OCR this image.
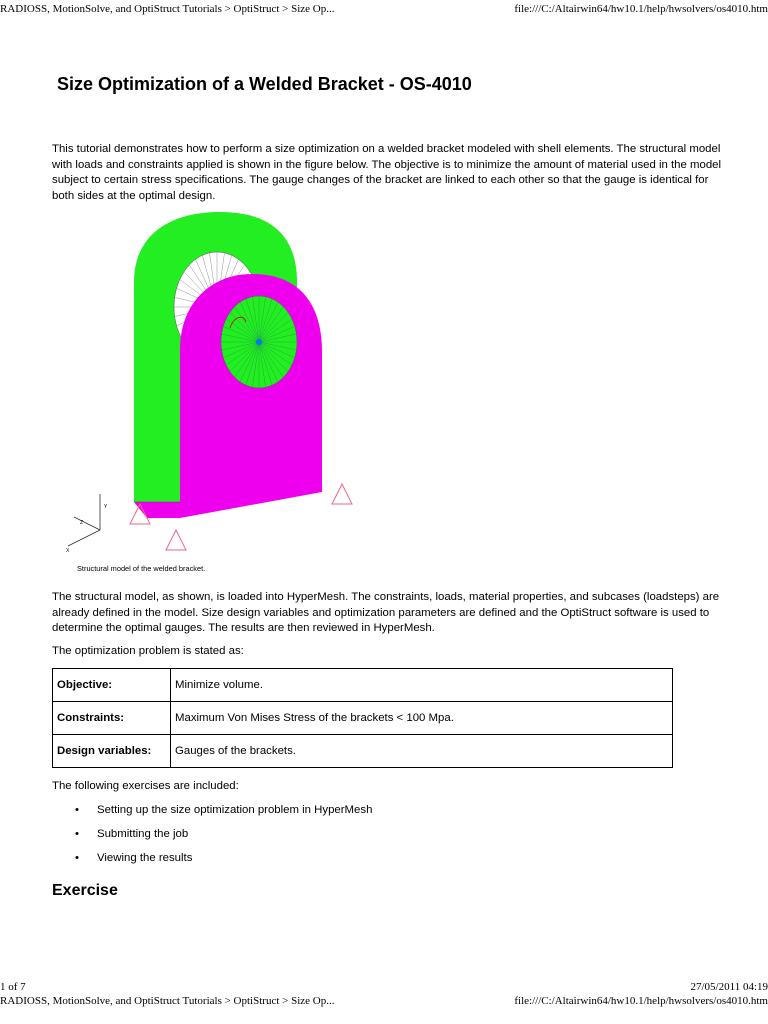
RADIOSS, MotionSolve, and OptiStruct Tutorials > OptiStruct > Size Op...	file:///C:/Altairwin64/hw10.1/help/hwsolvers/os4010.htm
Size Optimization of a Welded Bracket - OS-4010

This tutorial demonstrates how to perform a size optimization on a welded bracket modeled with shell elements. The structural model with loads and constraints applied is shown in the figure below. The objective is to minimize the amount of material used in the model subject to certain stress specifications. The gauge changes of the bracket are linked to each other so that the gauge is identical for both sides at the optimal design.

Y
Z
X

Structural model of the welded bracket.

The structural model, as shown, is loaded into HyperMesh. The constraints, loads, material properties, and subcases (loadsteps) are already defined in the model. Size design variables and optimization parameters are defined and the OptiStruct software is used to determine the optimal gauges. The results are then reviewed in HyperMesh.

The optimization problem is stated as:

Objective:	Minimize volume.
Constraints:	Maximum Von Mises Stress of the brackets < 100 Mpa.
Design variables:	Gauges of the brackets.

The following exercises are included:

• Setting up the size optimization problem in HyperMesh
• Submitting the job
• Viewing the results
Exercise
1 of 7	27/05/2011 04:19
RADIOSS, MotionSolve, and OptiStruct Tutorials > OptiStruct > Size Op...	file:///C:/Altairwin64/hw10.1/help/hwsolvers/os4010.htm
